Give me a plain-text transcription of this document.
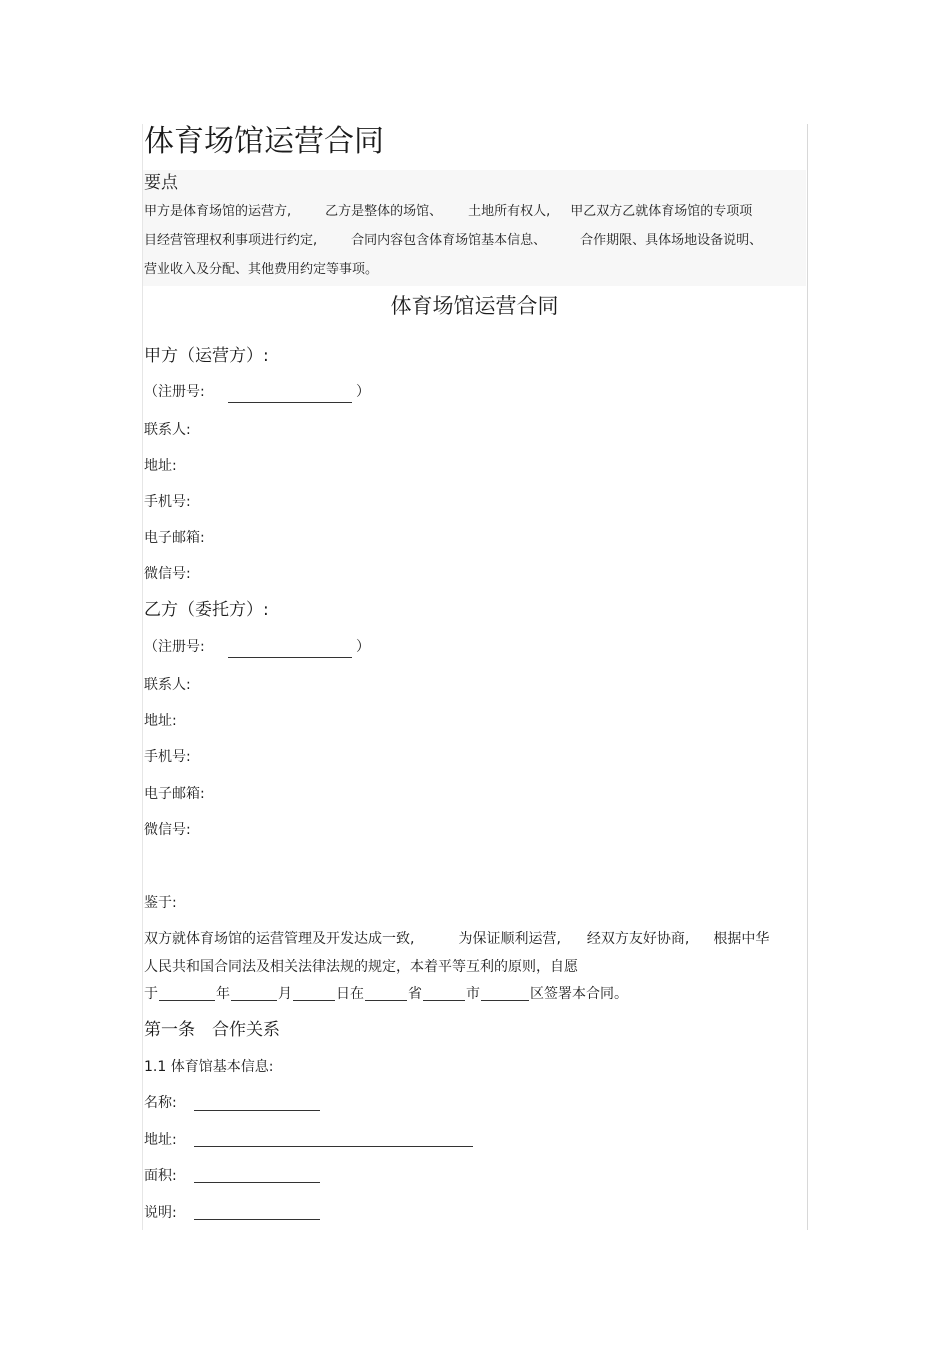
体育场馆运营合同
要点
甲方是体育场馆的运营方,	乙方是整体的场馆、 土地所有权人, 甲乙双方乙就体育场馆的专项项
目经营管理权利事项进行约定,	合同内容包含体育场馆基本信息、	合作期限、具体场地设备说明、
营业收入及分配、其他费用约定等事项。
体育场馆运营合同
甲方（运营方）:
（注册号:	）
联系人:
地址:
手机号:
电子邮箱:
微信号:
乙方（委托方）:
（注册号:	）
联系人:
地址:
手机号:
电子邮箱:
微信号:
鉴于:
双方就体育场馆的运营管理及开发达成一致,	为保证顺利运营, 经双方友好协商, 根据中华
人民共和国合同法及相关法律法规的规定，本着平等互利的原则，自愿
于	年	月	日在	省	市	区签署本合同。
第一条　合作关系
1.1 体育馆基本信息:
名称:
地址:
面积:
说明:
